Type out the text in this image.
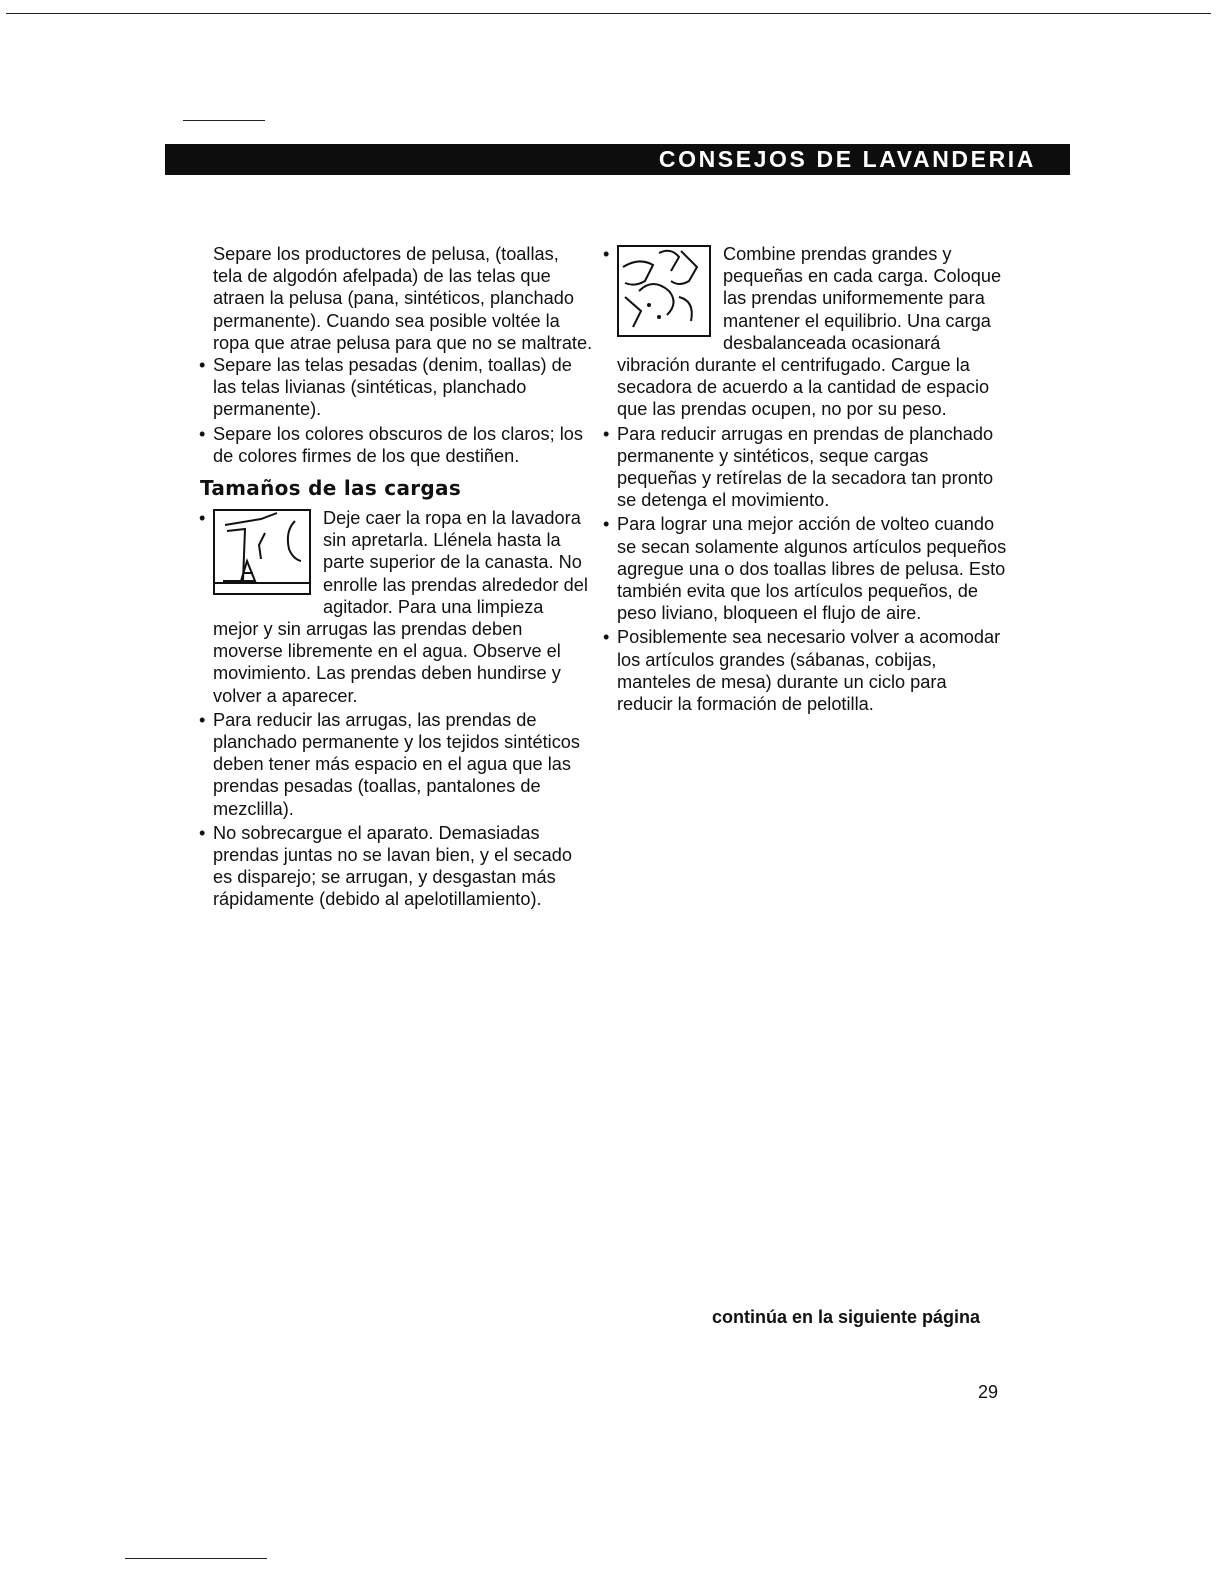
CONSEJOS DE LAVANDERIA

Separe los productores de pelusa, (toallas, tela de algodón afelpada) de las telas que atraen la pelusa (pana, sintéticos, planchado permanente). Cuando sea posible voltée la ropa que atrae pelusa para que no se maltrate.

• Separe las telas pesadas (denim, toallas) de las telas livianas (sintéticas, planchado permanente).

• Separe los colores obscuros de los claros; los de colores firmes de los que destiñen.

Tamaños de las cargas
• Deje caer la ropa en la lavadora sin apretarla. Llénela hasta la parte superior de la canasta. No enrolle las prendas alrededor del agitador. Para una limpieza mejor y sin arrugas las prendas deben moverse libremente en el agua. Observe el movimiento. Las prendas deben hundirse y volver a aparecer.

• Para reducir las arrugas, las prendas de planchado permanente y los tejidos sintéticos deben tener más espacio en el agua que las prendas pesadas (toallas, pantalones de mezclilla).

• No sobrecargue el aparato. Demasiadas prendas juntas no se lavan bien, y el secado es disparejo; se arrugan, y desgastan más rápidamente (debido al apelotillamiento).

• Combine prendas grandes y pequeñas en cada carga. Coloque las prendas uniformemente para mantener el equilibrio. Una carga desbalanceada ocasionará vibración durante el centrifugado. Cargue la secadora de acuerdo a la cantidad de espacio que las prendas ocupen, no por su peso.

• Para reducir arrugas en prendas de planchado permanente y sintéticos, seque cargas pequeñas y retírelas de la secadora tan pronto se detenga el movimiento.

• Para lograr una mejor acción de volteo cuando se secan solamente algunos artículos pequeños agregue una o dos toallas libres de pelusa. Esto también evita que los artículos pequeños, de peso liviano, bloqueen el flujo de aire.

• Posiblemente sea necesario volver a acomodar los artículos grandes (sábanas, cobijas, manteles de mesa) durante un ciclo para reducir la formación de pelotilla.

continúa en la siguiente página
29
